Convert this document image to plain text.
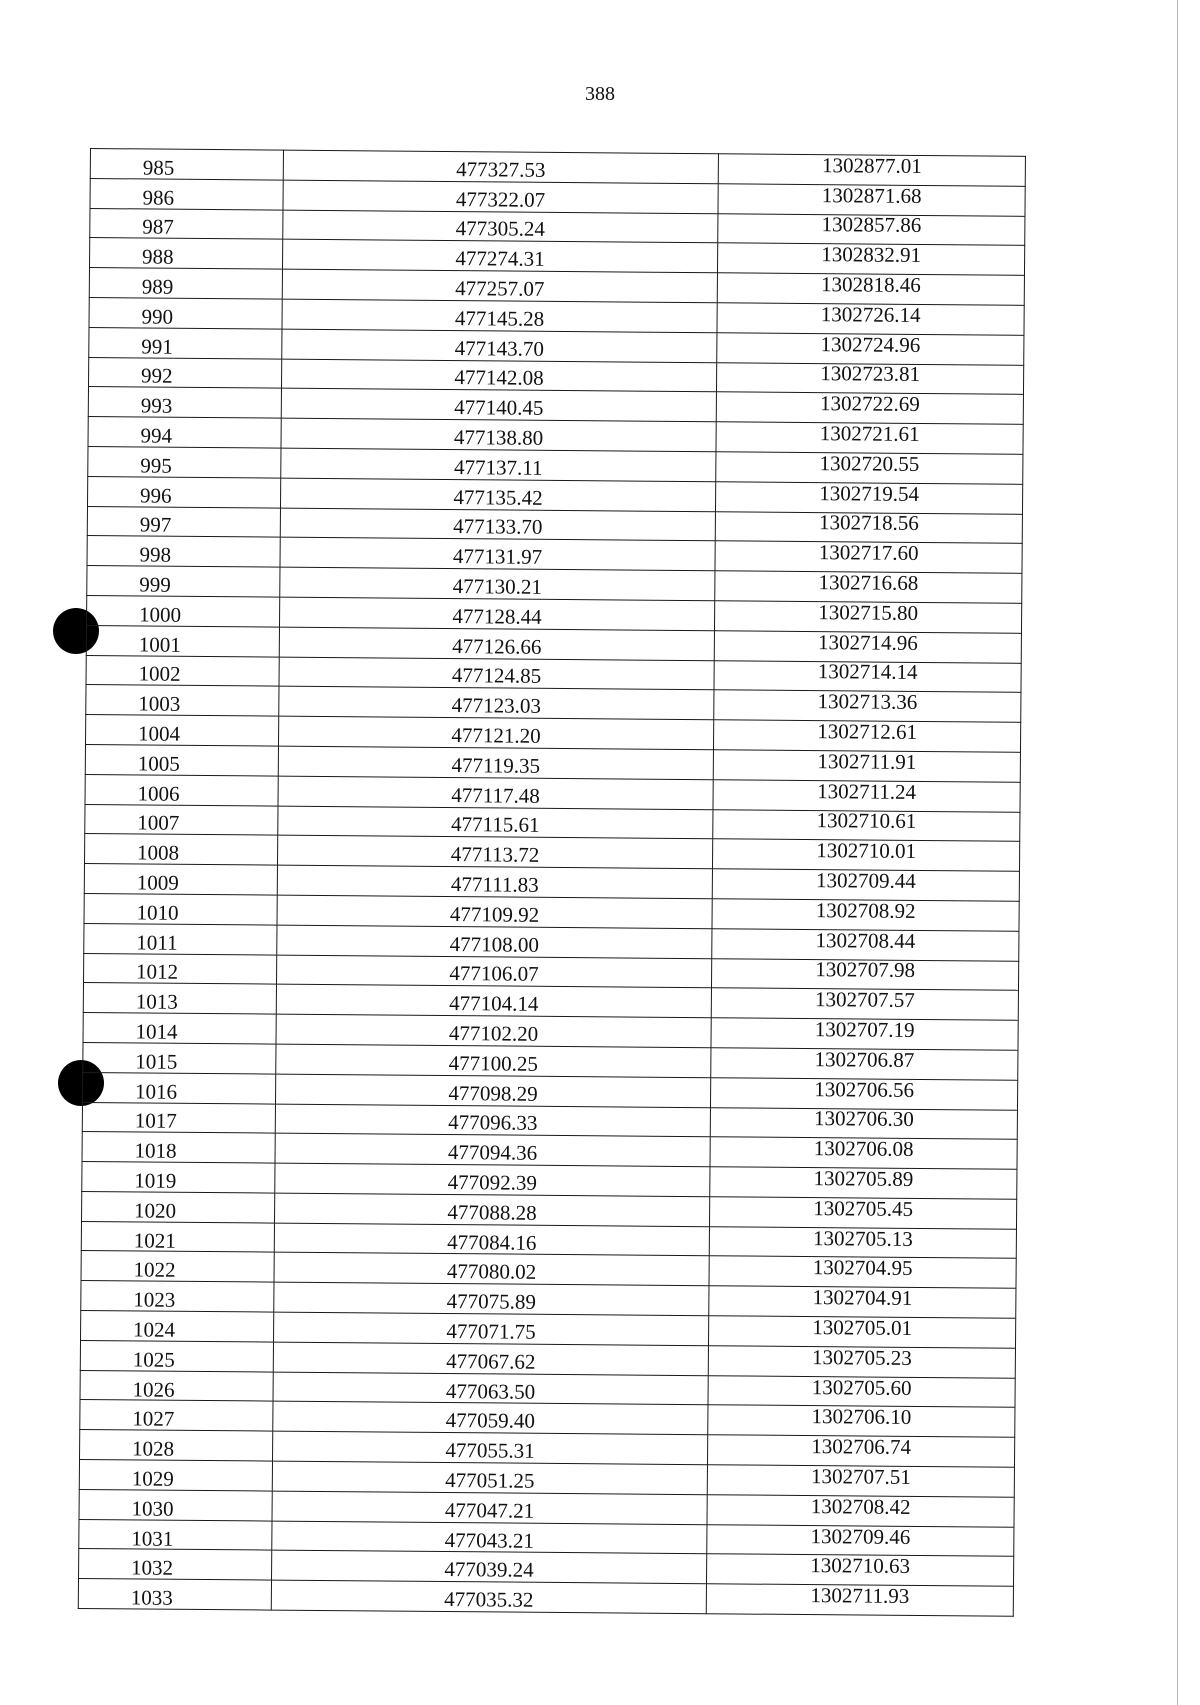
388
985	477327.53	1302877.01
986	477322.07	1302871.68
987	477305.24	1302857.86
988	477274.31	1302832.91
989	477257.07	1302818.46
990	477145.28	1302726.14
991	477143.70	1302724.96
992	477142.08	1302723.81
993	477140.45	1302722.69
994	477138.80	1302721.61
995	477137.11	1302720.55
996	477135.42	1302719.54
997	477133.70	1302718.56
998	477131.97	1302717.60
999	477130.21	1302716.68
1000	477128.44	1302715.80
1001	477126.66	1302714.96
1002	477124.85	1302714.14
1003	477123.03	1302713.36
1004	477121.20	1302712.61
1005	477119.35	1302711.91
1006	477117.48	1302711.24
1007	477115.61	1302710.61
1008	477113.72	1302710.01
1009	477111.83	1302709.44
1010	477109.92	1302708.92
1011	477108.00	1302708.44
1012	477106.07	1302707.98
1013	477104.14	1302707.57
1014	477102.20	1302707.19
1015	477100.25	1302706.87
1016	477098.29	1302706.56
1017	477096.33	1302706.30
1018	477094.36	1302706.08
1019	477092.39	1302705.89
1020	477088.28	1302705.45
1021	477084.16	1302705.13
1022	477080.02	1302704.95
1023	477075.89	1302704.91
1024	477071.75	1302705.01
1025	477067.62	1302705.23
1026	477063.50	1302705.60
1027	477059.40	1302706.10
1028	477055.31	1302706.74
1029	477051.25	1302707.51
1030	477047.21	1302708.42
1031	477043.21	1302709.46
1032	477039.24	1302710.63
1033	477035.32	1302711.93
